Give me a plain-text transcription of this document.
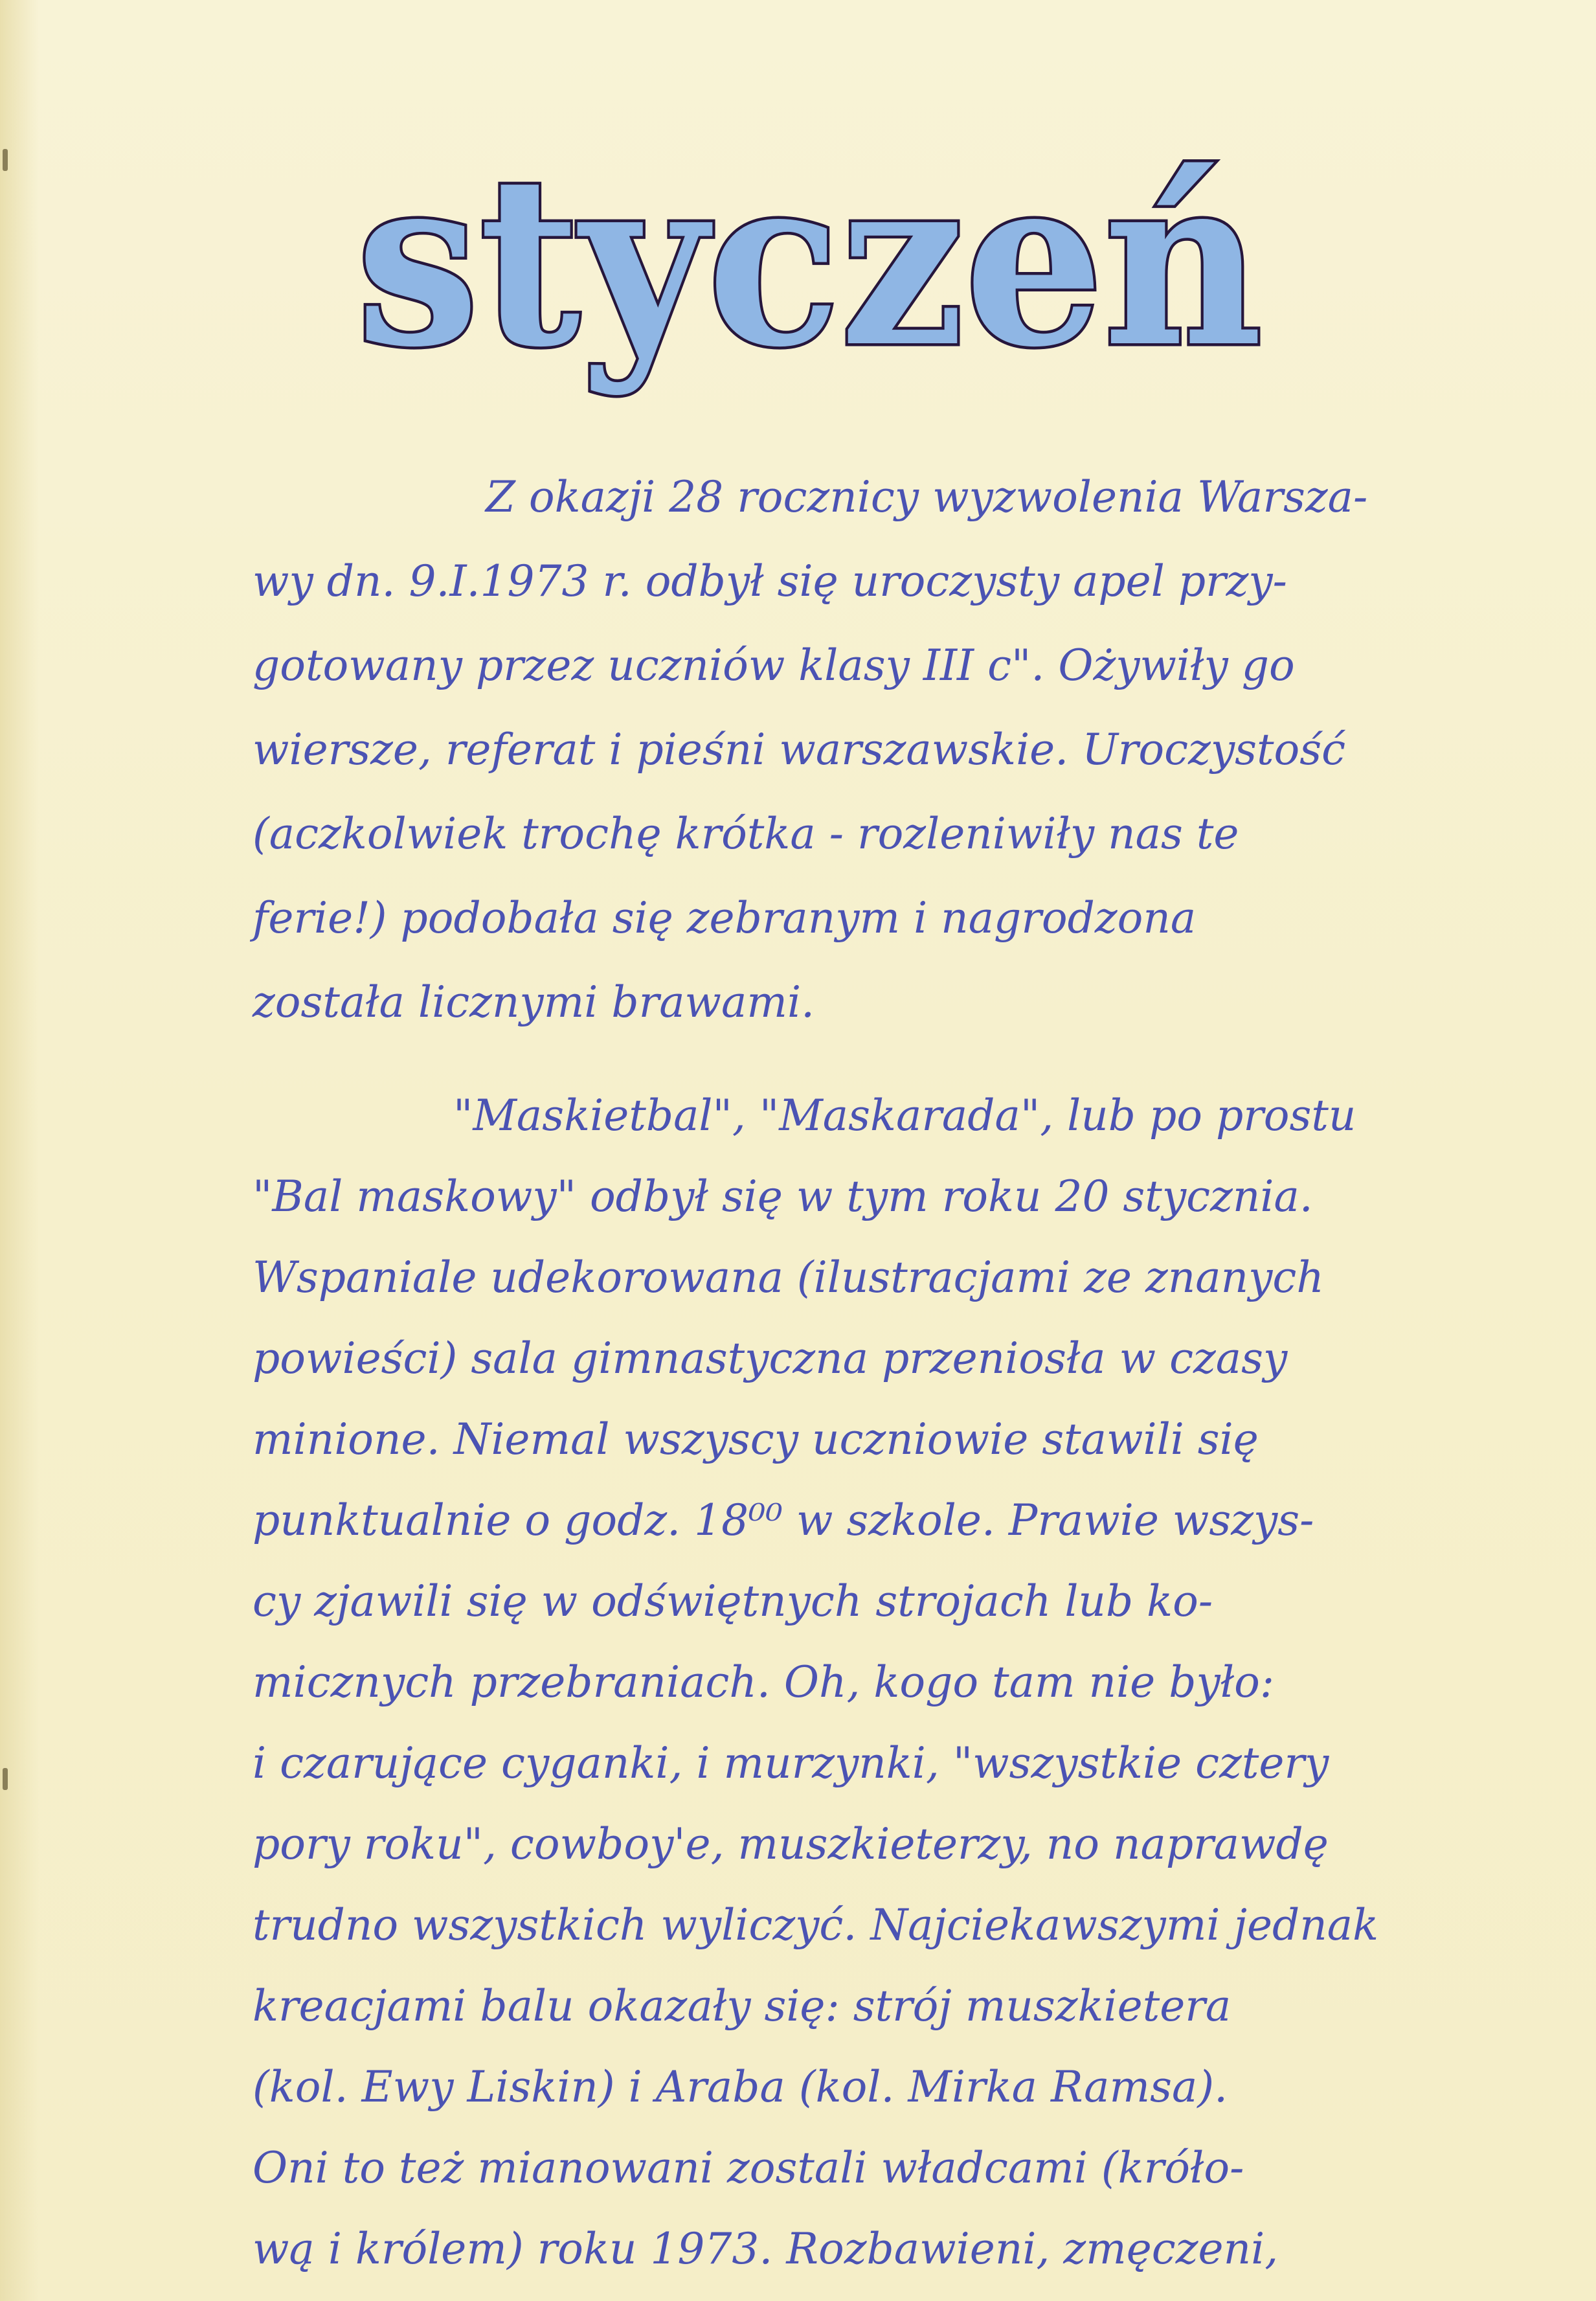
styczeń
Z okazji 28 rocznicy wyzwolenia Warsza-
wy dn. 9.I.1973 r. odbył się uroczysty apel przy-
gotowany przez uczniów klasy III c". Ożywiły go
wiersze, referat i pieśni warszawskie. Uroczystość
(aczkolwiek trochę krótka - rozleniwiły nas te
ferie!) podobała się zebranym i nagrodzona
została licznymi brawami.
"Maskietbal", "Maskarada", lub po prostu
"Bal maskowy" odbył się w tym roku 20 stycznia.
Wspaniale udekorowana (ilustracjami ze znanych
powieści) sala gimnastyczna przeniosła w czasy
minione. Niemal wszyscy uczniowie stawili się
punktualnie o godz. 18⁰⁰ w szkole. Prawie wszys-
cy zjawili się w odświętnych strojach lub ko-
micznych przebraniach. Oh, kogo tam nie było:
i czarujące cyganki, i murzynki, "wszystkie cztery
pory roku", cowboy'e, muszkieterzy, no naprawdę
trudno wszystkich wyliczyć. Najciekawszymi jednak
kreacjami balu okazały się: strój muszkietera
(kol. Ewy Liskin) i Araba (kol. Mirka Ramsa).
Oni to też mianowani zostali władcami (króło-
wą i królem) roku 1973. Rozbawieni, zmęczeni,
